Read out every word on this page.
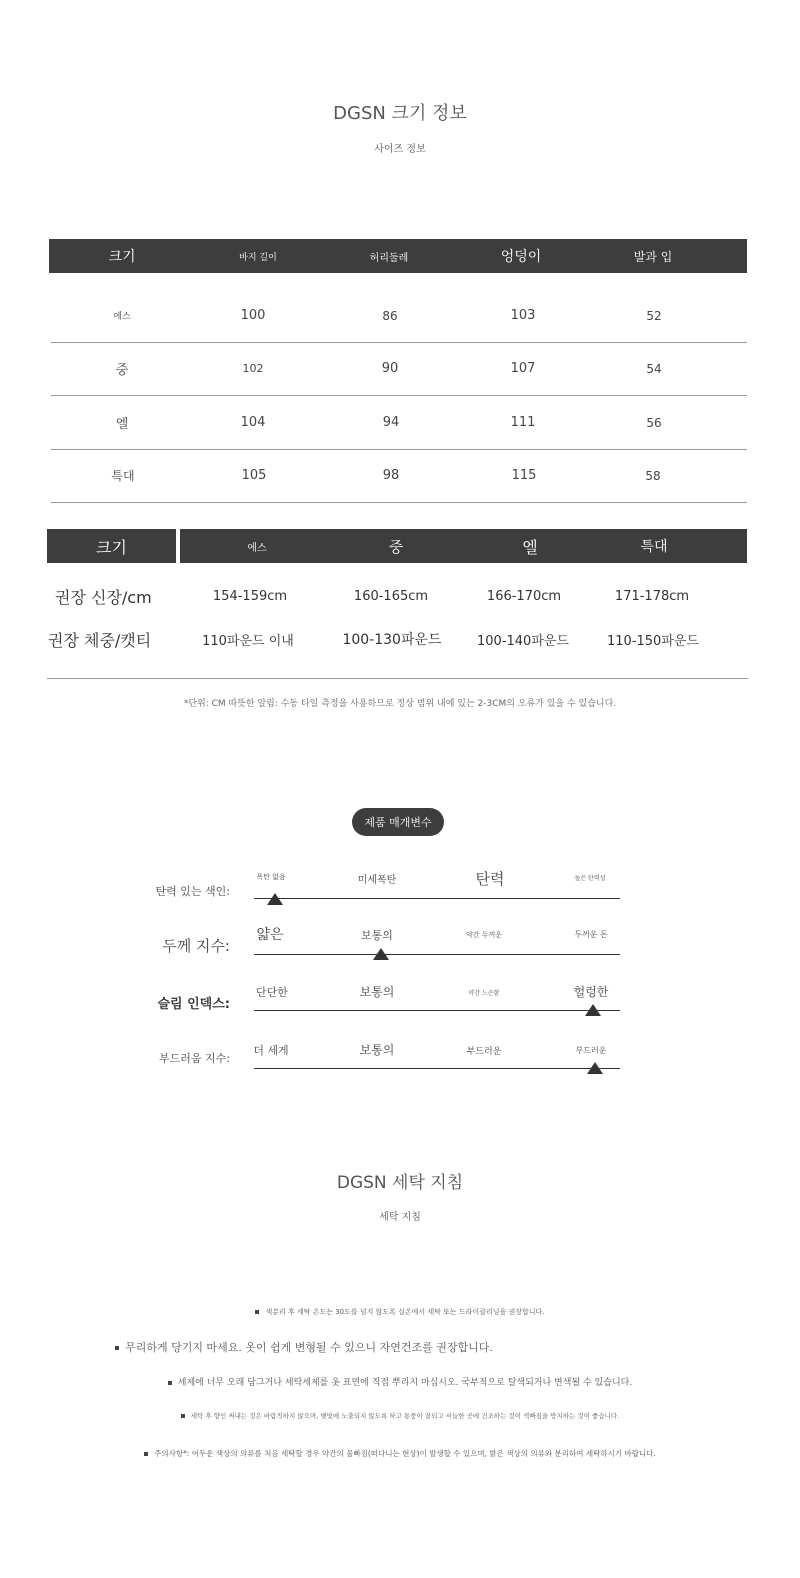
DGSN 크기 정보
사이즈 정보
크기	바지 길이	허리둘레	엉덩이	발과 입
에스	100	86	103	52
중	102	90	107	54
엘	104	94	111	56
특대	105	98	115	58
크기	에스	중	엘	특대
권장 신장/cm	154-159cm	160-165cm	166-170cm	171-178cm
권장 체중/캣티	110파운드 이내	100-130파운드	100-140파운드	110-150파운드
*단위: CM 따뜻한 알림: 수동 타일 측정을 사용하므로 정상 범위 내에 있는 2-3CM의 오류가 있을 수 있습니다.
제품 매개변수
탄력 있는 색인:
폭탄 없음	미세폭탄	탄력	높은 탄력성
두께 지수:
얇은	보통의	약간 두꺼운	두꺼운 돈
슬림 인덱스:
단단한	보통의	약간 느슨함	헐렁한
부드러움 지수:
더 세게	보통의	부드러운	부드러운
DGSN 세탁 지침
세탁 지침
색분리 후 세탁 온도는 30도를 넘지 않도록 실온에서 세탁 또는 드라이클리닝을 권장합니다.
무리하게 당기지 마세요. 옷이 쉽게 변형될 수 있으니 자연건조를 권장합니다.
세제에 너무 오래 담그거나 세탁세제를 옷 표면에 직접 뿌리지 마십시오. 국부적으로 탈색되거나 변색될 수 있습니다.
세탁 후 향인 써내는 것은 바람직하지 않으며, 햇빛에 노출되지 않도록 하고 통풍이 잘되고 서늘한 곳에 건조하는 것이 색빠짐을 방지하는 것이 좋습니다.
주의사항*: 어두운 색상의 의류를 처음 세탁할 경우 약간의 물빠짐(떠다니는 현상)이 발생할 수 있으며, 밝은 색상의 의류와 분리하여 세탁하시기 바랍니다.
